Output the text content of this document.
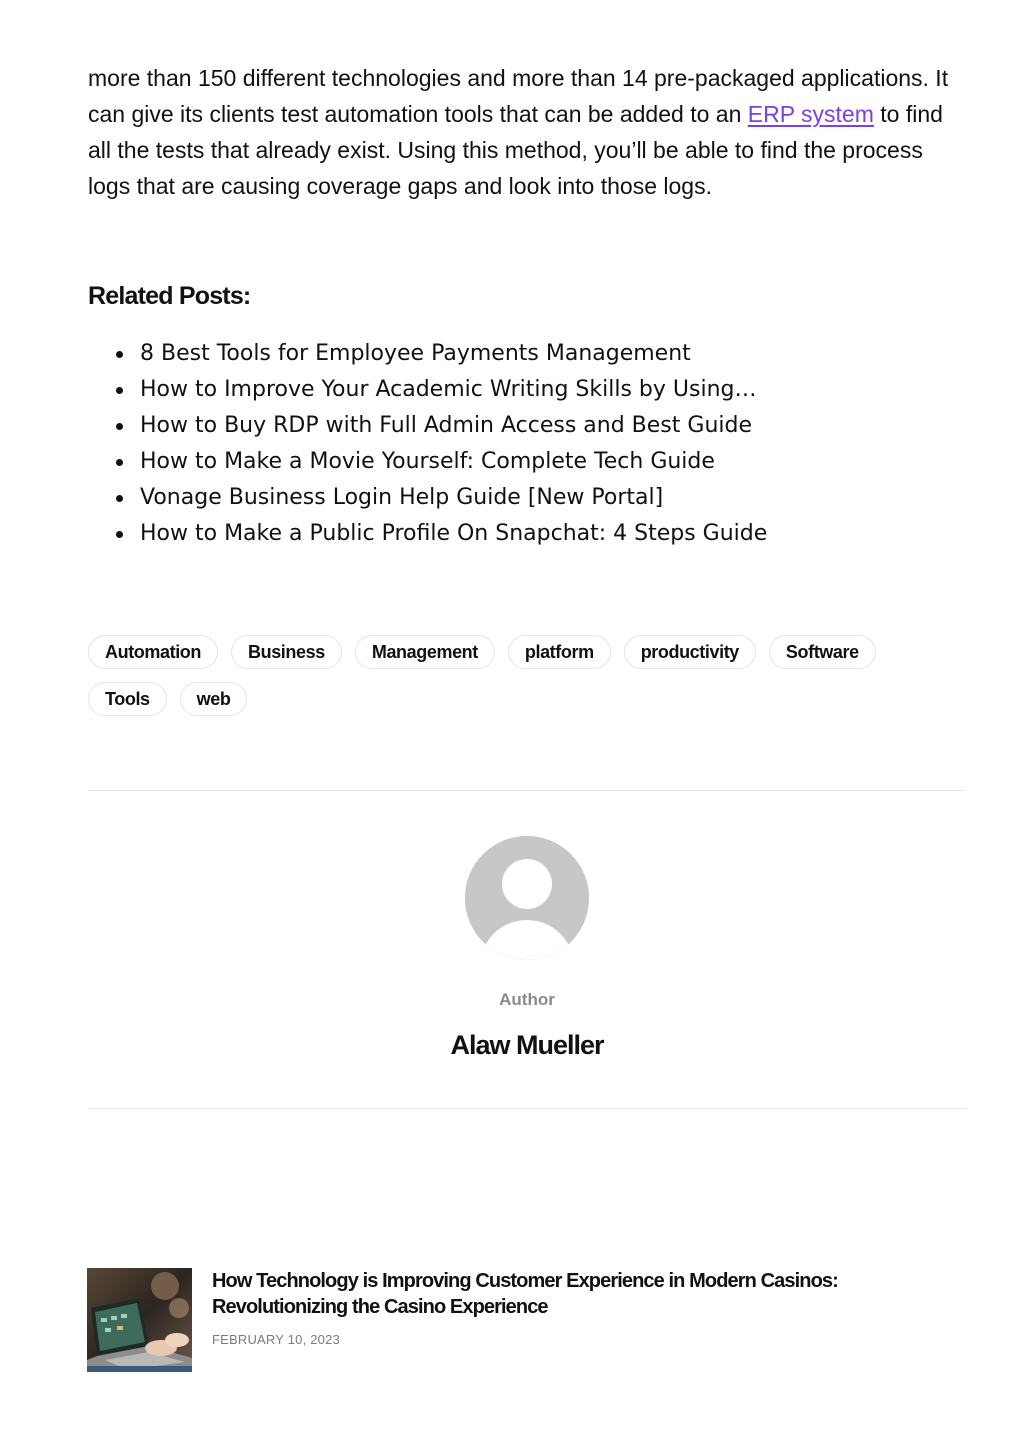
more than 150 different technologies and more than 14 pre-packaged applications. It can give its clients test automation tools that can be added to an ERP system to find all the tests that already exist. Using this method, you’ll be able to find the process logs that are causing coverage gaps and look into those logs.

Related Posts:
8 Best Tools for Employee Payments Management
How to Improve Your Academic Writing Skills by Using…
How to Buy RDP with Full Admin Access and Best Guide
How to Make a Movie Yourself: Complete Tech Guide
Vonage Business Login Help Guide [New Portal]
How to Make a Public Profile On Snapchat: 4 Steps Guide
Automation	Business	Management	platform	productivity	Software
Tools	web
Author
Alaw Mueller
How Technology is Improving Customer Experience in Modern Casinos: Revolutionizing the Casino Experience
FEBRUARY 10, 2023
